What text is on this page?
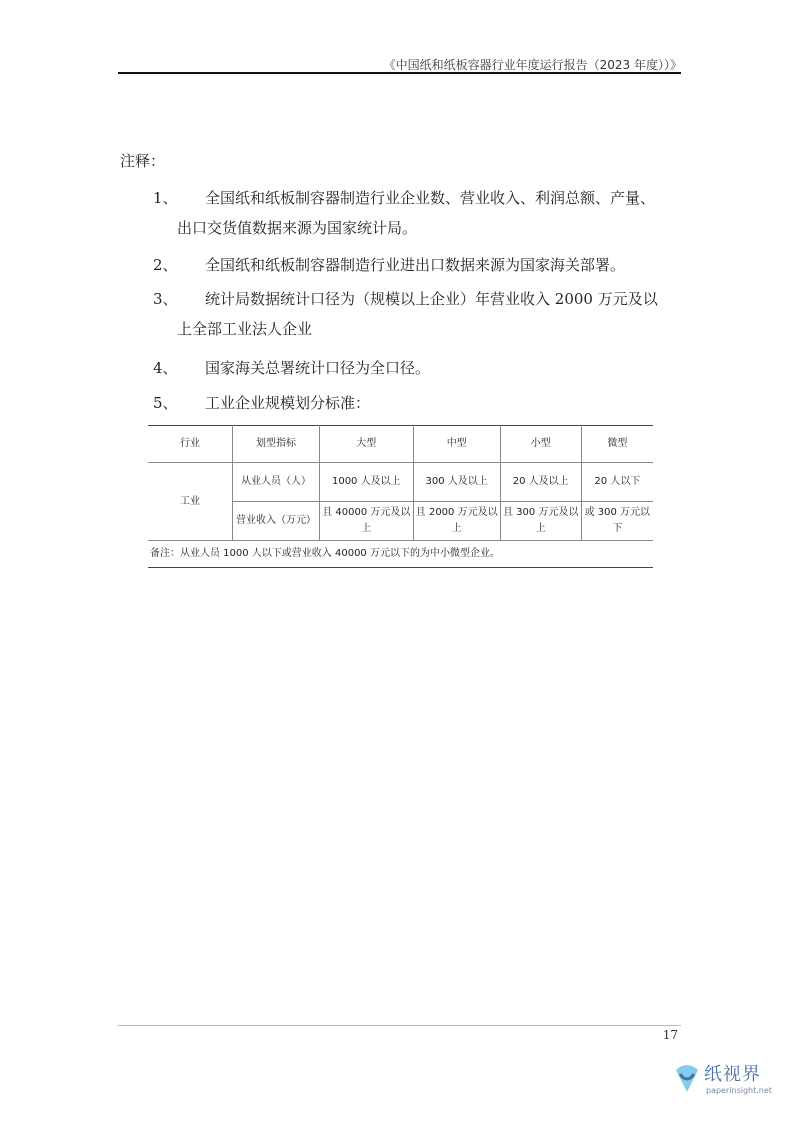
《中国纸和纸板容器行业年度运行报告（2023 年度））》
注释：
1、 全国纸和纸板制容器制造行业企业数、营业收入、利润总额、产量、
出口交货值数据来源为国家统计局。
2、 全国纸和纸板制容器制造行业进出口数据来源为国家海关部署。
3、 统计局数据统计口径为（规模以上企业）年营业收入 2000 万元及以
上全部工业法人企业
4、 国家海关总署统计口径为全口径。
5、 工业企业规模划分标准：
行业	划型指标	大型	中型	小型	微型
工业	从业人员（人）	1000 人及以上	300 人及以上	20 人及以上	20 人以下
	营业收入（万元）	且 40000 万元及以上	且 2000 万元及以上	且 300 万元及以上	或 300 万元以下
备注：从业人员 1000 人以下或营业收入 40000 万元以下的为中小微型企业。					
17
纸视界
paperinsight.net
